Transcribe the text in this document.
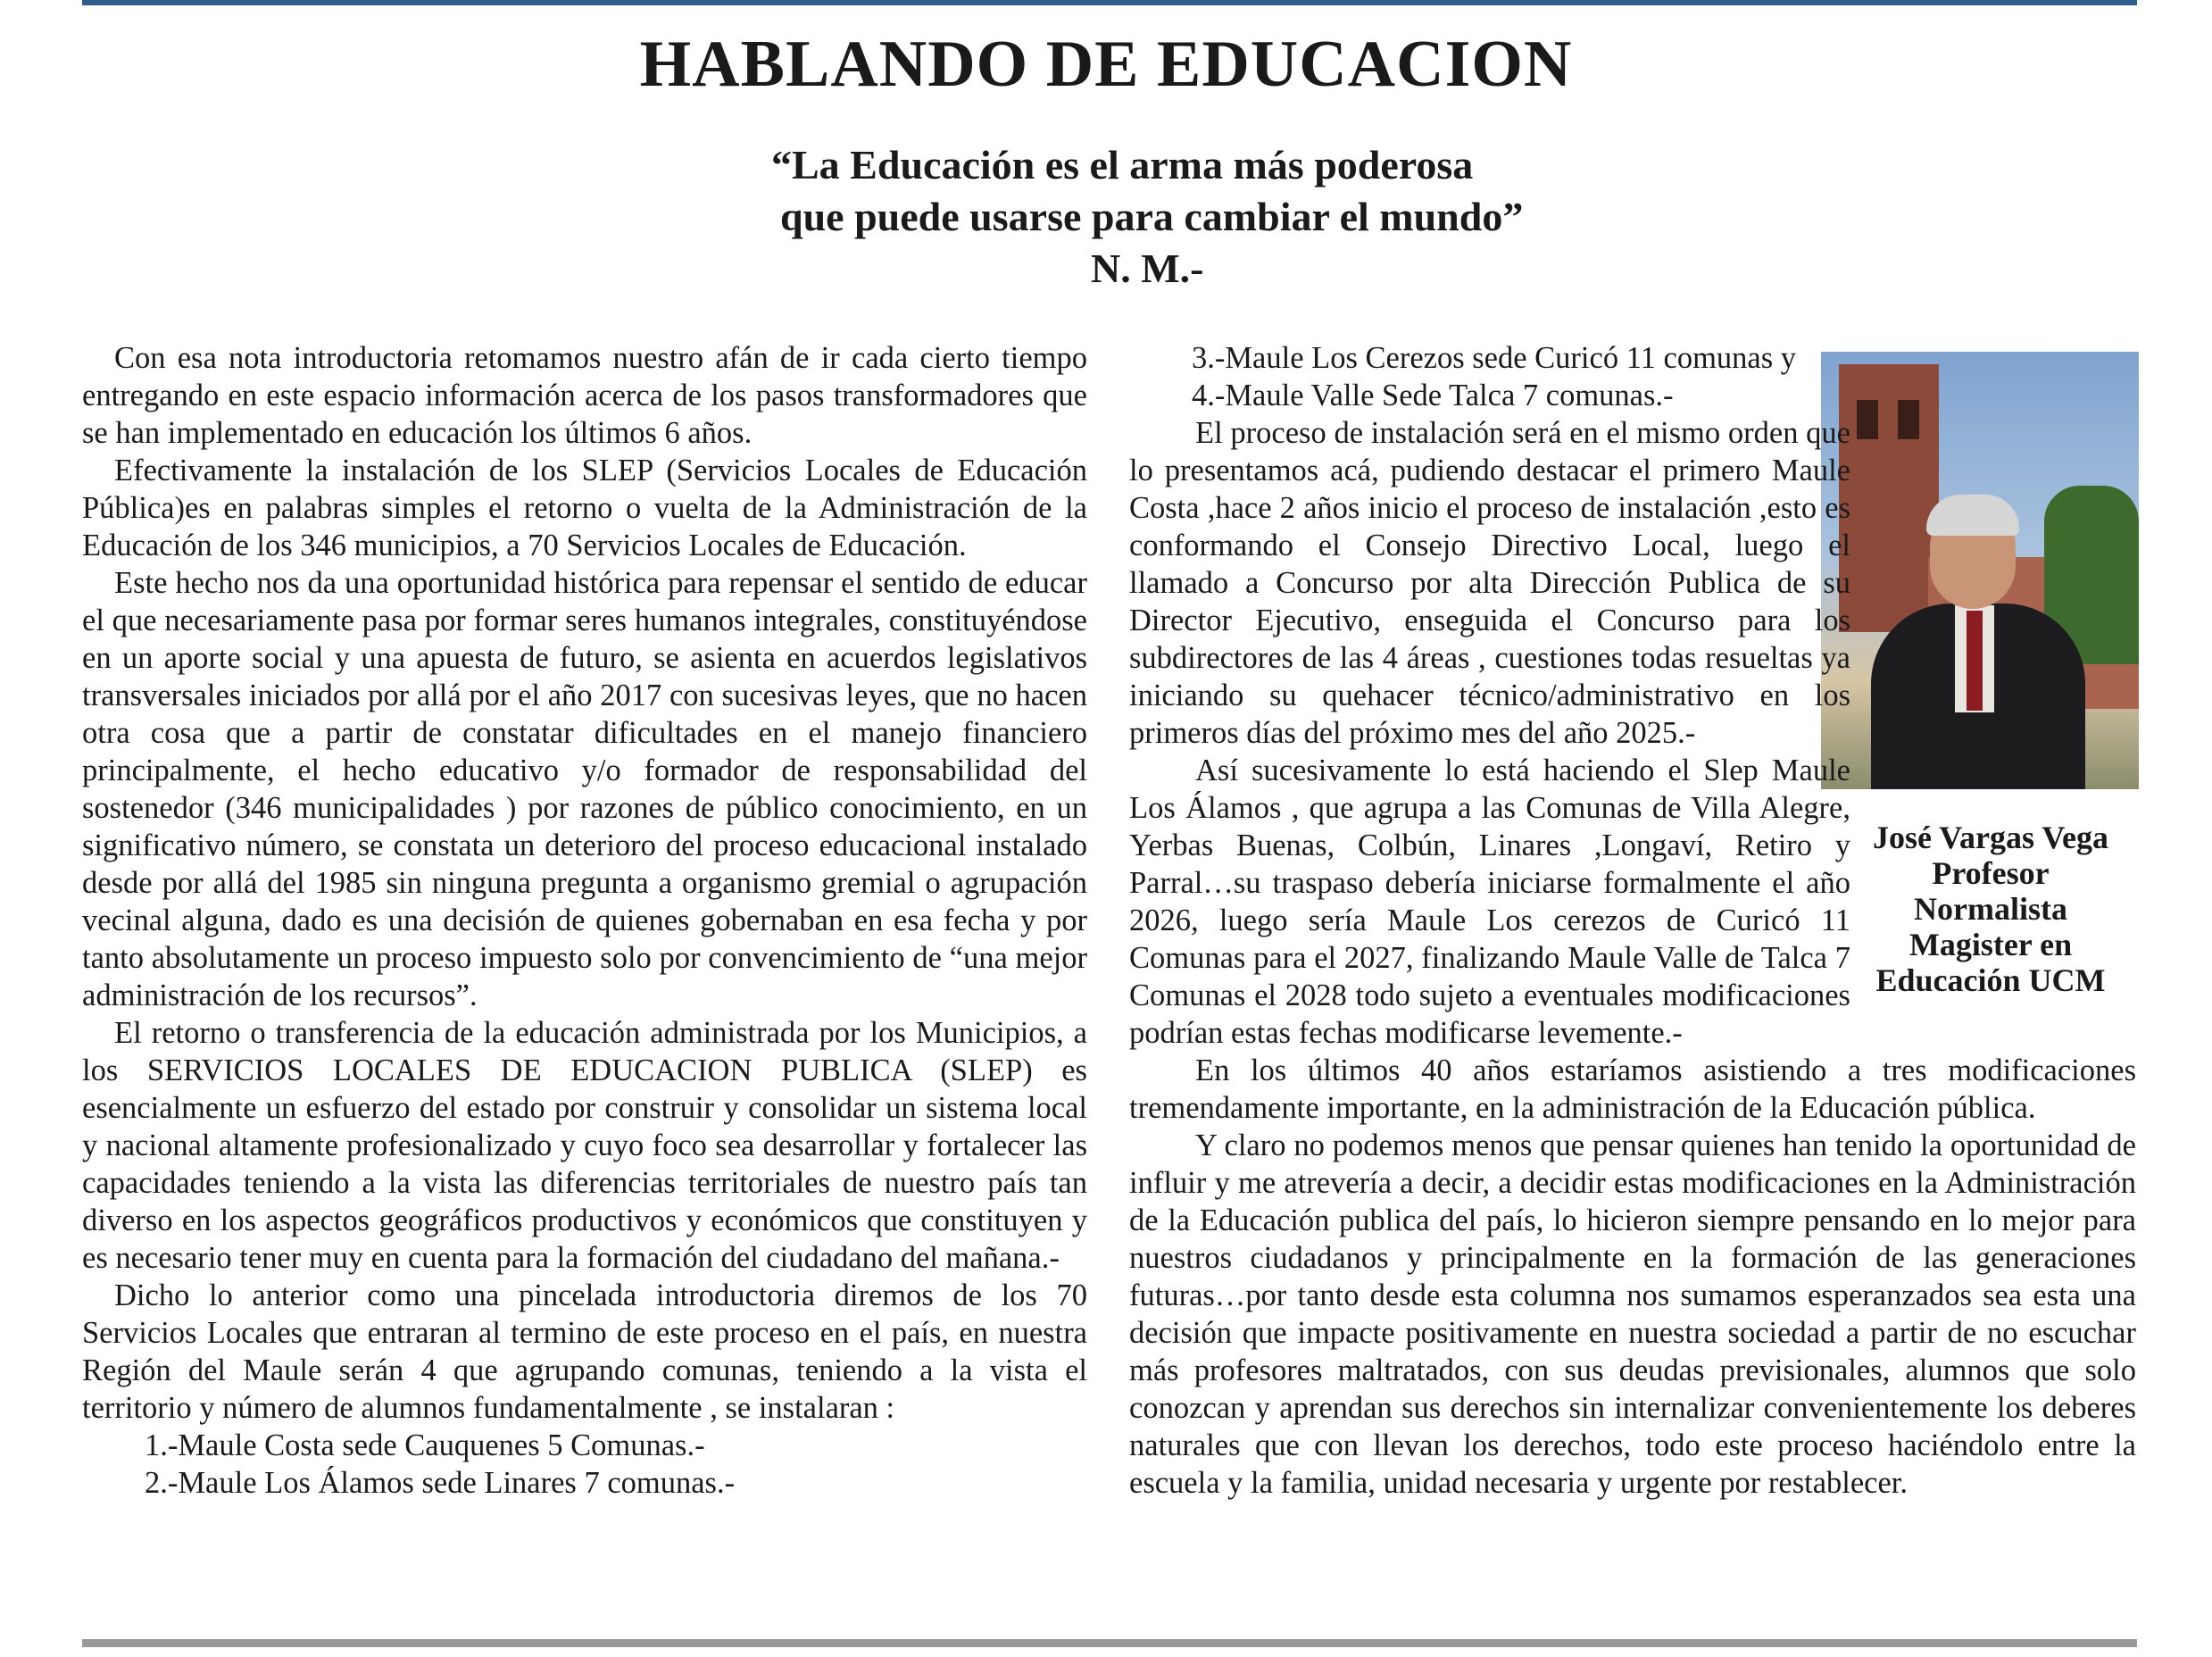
HABLANDO DE EDUCACION
“La Educación es el arma más poderosa
que puede usarse para cambiar el mundo”
N. M.-

Con esa nota introductoria retomamos nuestro afán de ir cada cierto tiempo entregando en este espacio información acerca de los pasos transformadores que se han implementado en educación los últimos 6 años.

Efectivamente la instalación de los SLEP (Servicios Locales de Educación Pública)es en palabras simples el retorno o vuelta de la Administración de la Educación de los 346 municipios, a 70 Servicios Locales de Educación.

Este hecho nos da una oportunidad histórica para repensar el sentido de educar el que necesariamente pasa por formar seres humanos integrales, constituyéndose en un aporte social y una apuesta de futuro, se asienta en acuerdos legislativos transversales iniciados por allá por el año 2017 con sucesivas leyes, que no hacen otra cosa que a partir de constatar dificultades en el manejo financiero principalmente, el hecho educativo y/o formador de responsabilidad del sostenedor (346 municipalidades ) por razones de público conocimiento, en un significativo número, se constata un deterioro del proceso educacional instalado desde por allá del 1985 sin ninguna pregunta a organismo gremial o agrupación vecinal alguna, dado es una decisión de quienes gobernaban en esa fecha y por tanto absolutamente un proceso impuesto solo por convencimiento de “una mejor administración de los recursos”.

El retorno o transferencia de la educación administrada por los Municipios, a los SERVICIOS LOCALES DE EDUCACION PUBLICA (SLEP) es esencialmente un esfuerzo del estado por construir y consolidar un sistema local y nacional altamente profesionalizado y cuyo foco sea desarrollar y fortalecer las capacidades teniendo a la vista las diferencias territoriales de nuestro país tan diverso en los aspectos geográficos productivos y económicos que constituyen y es necesario tener muy en cuenta para la formación del ciudadano del mañana.-

Dicho lo anterior como una pincelada introductoria diremos de los 70 Servicios Locales que entraran al termino de este proceso en el país, en nuestra Región del Maule serán 4 que agrupando comunas, teniendo a la vista el territorio y número de alumnos fundamentalmente , se instalaran :

1.-Maule Costa sede Cauquenes 5 Comunas.-

2.-Maule Los Álamos sede Linares 7 comunas.-

José Vargas Vega
Profesor
Normalista
Magister en
Educación UCM

3.-Maule Los Cerezos sede Curicó 11 comunas y

4.-Maule Valle Sede Talca 7 comunas.-

El proceso de instalación será en el mismo orden que lo presentamos acá, pudiendo destacar el primero Maule Costa ,hace 2 años inicio el proceso de instalación ,esto es conformando el Consejo Directivo Local, luego el llamado a Concurso por alta Dirección Publica de su Director Ejecutivo, enseguida el Concurso para los subdirectores de las 4 áreas , cuestiones todas resueltas ya iniciando su quehacer técnico/administrativo en los primeros días del próximo mes del año 2025.-

Así sucesivamente lo está haciendo el Slep Maule Los Álamos , que agrupa a las Comunas de Villa Alegre, Yerbas Buenas, Colbún, Linares ,Longaví, Retiro y Parral…su traspaso debería iniciarse formalmente el año 2026, luego sería Maule Los cerezos de Curicó 11 Comunas para el 2027, finalizando Maule Valle de Talca 7 Comunas el 2028 todo sujeto a eventuales modificaciones podrían estas fechas modificarse levemente.-

En los últimos 40 años estaríamos asistiendo a tres modificaciones tremendamente importante, en la administración de la Educación pública.

Y claro no podemos menos que pensar quienes han tenido la oportunidad de influir y me atrevería a decir, a decidir estas modificaciones en la Administración de la Educación publica del país, lo hicieron siempre pensando en lo mejor para nuestros ciudadanos y principalmente en la formación de las generaciones futuras…por tanto desde esta columna nos sumamos esperanzados sea esta una decisión que impacte positivamente en nuestra sociedad a partir de no escuchar más profesores maltratados, con sus deudas previsionales, alumnos que solo conozcan y aprendan sus derechos sin internalizar convenientemente los deberes naturales que con llevan los derechos, todo este proceso haciéndolo entre la escuela y la familia, unidad necesaria y urgente por restablecer.
